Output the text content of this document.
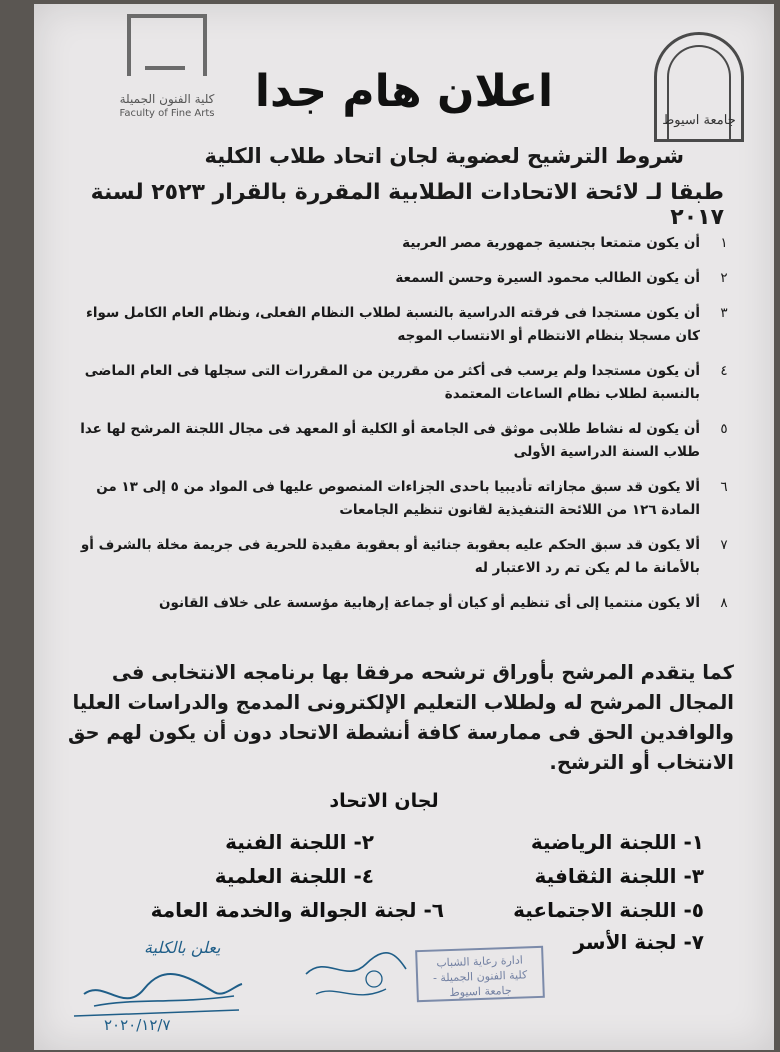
كلية الفنون الجميلة
Faculty of Fine Arts	جامعة اسيوط
اعلان هام جدا
شروط الترشيح لعضوية لجان اتحاد طلاب الكلية
طبقا لـ لائحة الاتحادات الطلابية المقررة بالقرار ٢٥٢٣ لسنة ٢٠١٧
١
أن يكون متمتعا بجنسية جمهورية مصر العربية
٢
أن يكون الطالب محمود السيرة وحسن السمعة
٣
أن يكون مستجدا فى فرقته الدراسية بالنسبة لطلاب النظام الفعلى، ونظام العام الكامل سواء كان مسجلا بنظام الانتظام أو الانتساب الموجه
٤
أن يكون مستجدا ولم يرسب فى أكثر من مقررين من المقررات التى سجلها فى العام الماضى بالنسبة لطلاب نظام الساعات المعتمدة
٥
أن يكون له نشاط طلابى موثق فى الجامعة أو الكلية أو المعهد فى مجال اللجنة المرشح لها عدا طلاب السنة الدراسية الأولى
٦
ألا يكون قد سبق مجازاته تأديبيا باحدى الجزاءات المنصوص عليها فى المواد من ٥ إلى ١٣ من المادة ١٢٦ من اللائحة التنفيذية لقانون تنظيم الجامعات
٧
ألا يكون قد سبق الحكم عليه بعقوبة جنائية أو بعقوبة مقيدة للحرية فى جريمة مخلة بالشرف أو بالأمانة ما لم يكن تم رد الاعتبار له
٨
ألا يكون منتميا إلى أى تنظيم أو كيان أو جماعة إرهابية مؤسسة على خلاف القانون
كما يتقدم المرشح بأوراق ترشحه مرفقا بها برنامجه الانتخابى فى المجال المرشح له ولطلاب التعليم الإلكترونى المدمج والدراسات العليا والوافدين الحق فى ممارسة كافة أنشطة الاتحاد دون أن يكون لهم حق الانتخاب أو الترشح.
لجان الاتحاد
١- اللجنة الرياضية
٢- اللجنة الفنية
٣- اللجنة الثقافية
٤- اللجنة العلمية
٥- اللجنة الاجتماعية
٦- لجنة الجوالة والخدمة العامة
٧- لجنة الأسر
يعلن بالكلية
٢٠٢٠/١٢/٧
ادارة رعاية الشباب
كلية الفنون الجميلة - جامعة اسيوط
